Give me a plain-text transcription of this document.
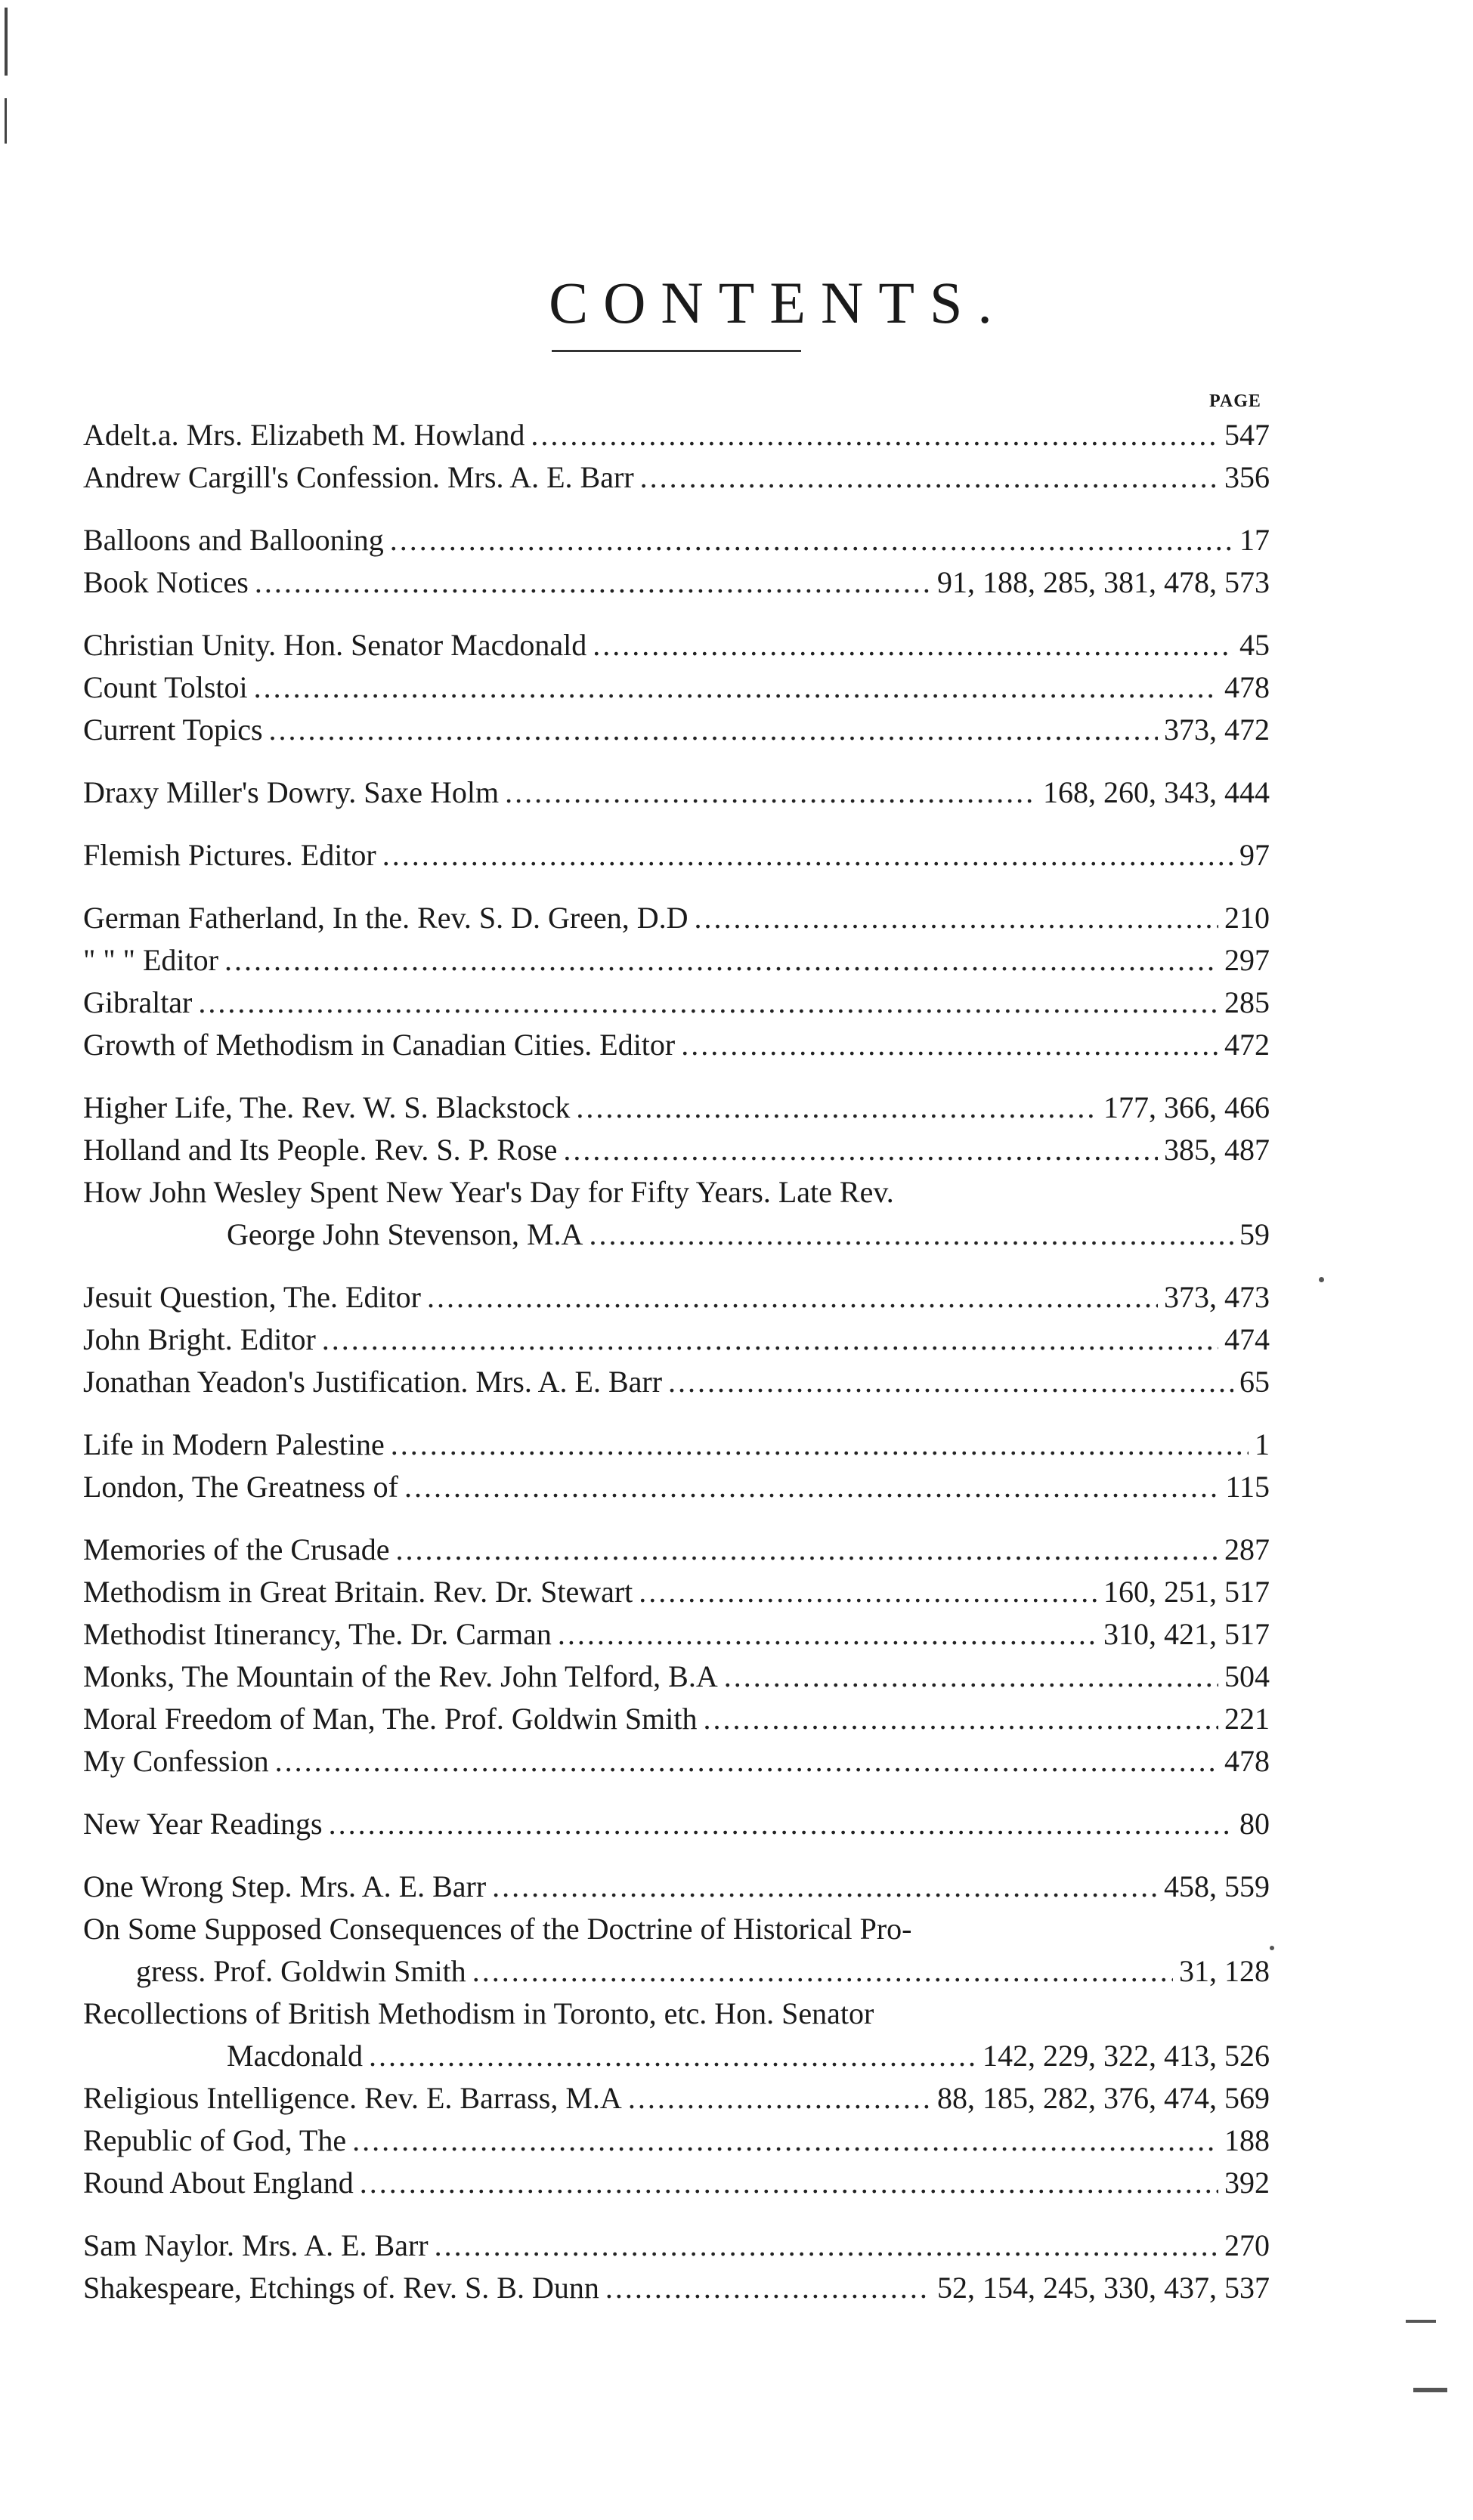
CONTENTS.
PAGE
Adelt.a. Mrs. Elizabeth M. Howland .....	547
Andrew Cargill's Confession. Mrs. A. E. Barr .....	356
Balloons and Ballooning .....	17
Book Notices .....	91, 188, 285, 381, 478, 573
Christian Unity. Hon. Senator Macdonald .....	45
Count Tolstoi .....	478
Current Topics .....	373, 472
Draxy Miller's Dowry. Saxe Holm .....	168, 260, 343, 444
Flemish Pictures. Editor .....	97
German Fatherland, In the. Rev. S. D. Green, D.D .....	210
" " " Editor .....	297
Gibraltar .....	285
Growth of Methodism in Canadian Cities. Editor .....	472
Higher Life, The. Rev. W. S. Blackstock .....	177, 366, 466
Holland and Its People. Rev. S. P. Rose .....	385, 487
How John Wesley Spent New Year's Day for Fifty Years. Late Rev.
George John Stevenson, M.A .....	59
Jesuit Question, The. Editor .....	373, 473
John Bright. Editor .....	474
Jonathan Yeadon's Justification. Mrs. A. E. Barr .....	65
Life in Modern Palestine .....	1
London, The Greatness of .....	115
Memories of the Crusade .....	287
Methodism in Great Britain. Rev. Dr. Stewart .....	160, 251, 517
Methodist Itinerancy, The. Dr. Carman .....	310, 421, 517
Monks, The Mountain of the Rev. John Telford, B.A .....	504
Moral Freedom of Man, The. Prof. Goldwin Smith .....	221
My Confession .....	478
New Year Readings .....	80
One Wrong Step. Mrs. A. E. Barr .....	458, 559
On Some Supposed Consequences of the Doctrine of Historical Pro-
gress. Prof. Goldwin Smith .....	31, 128
Recollections of British Methodism in Toronto, etc. Hon. Senator
Macdonald .....	142, 229, 322, 413, 526
Religious Intelligence. Rev. E. Barrass, M.A .....	88, 185, 282, 376, 474, 569
Republic of God, The .....	188
Round About England .....	392
Sam Naylor. Mrs. A. E. Barr .....	270
Shakespeare, Etchings of. Rev. S. B. Dunn .....	52, 154, 245, 330, 437, 537
